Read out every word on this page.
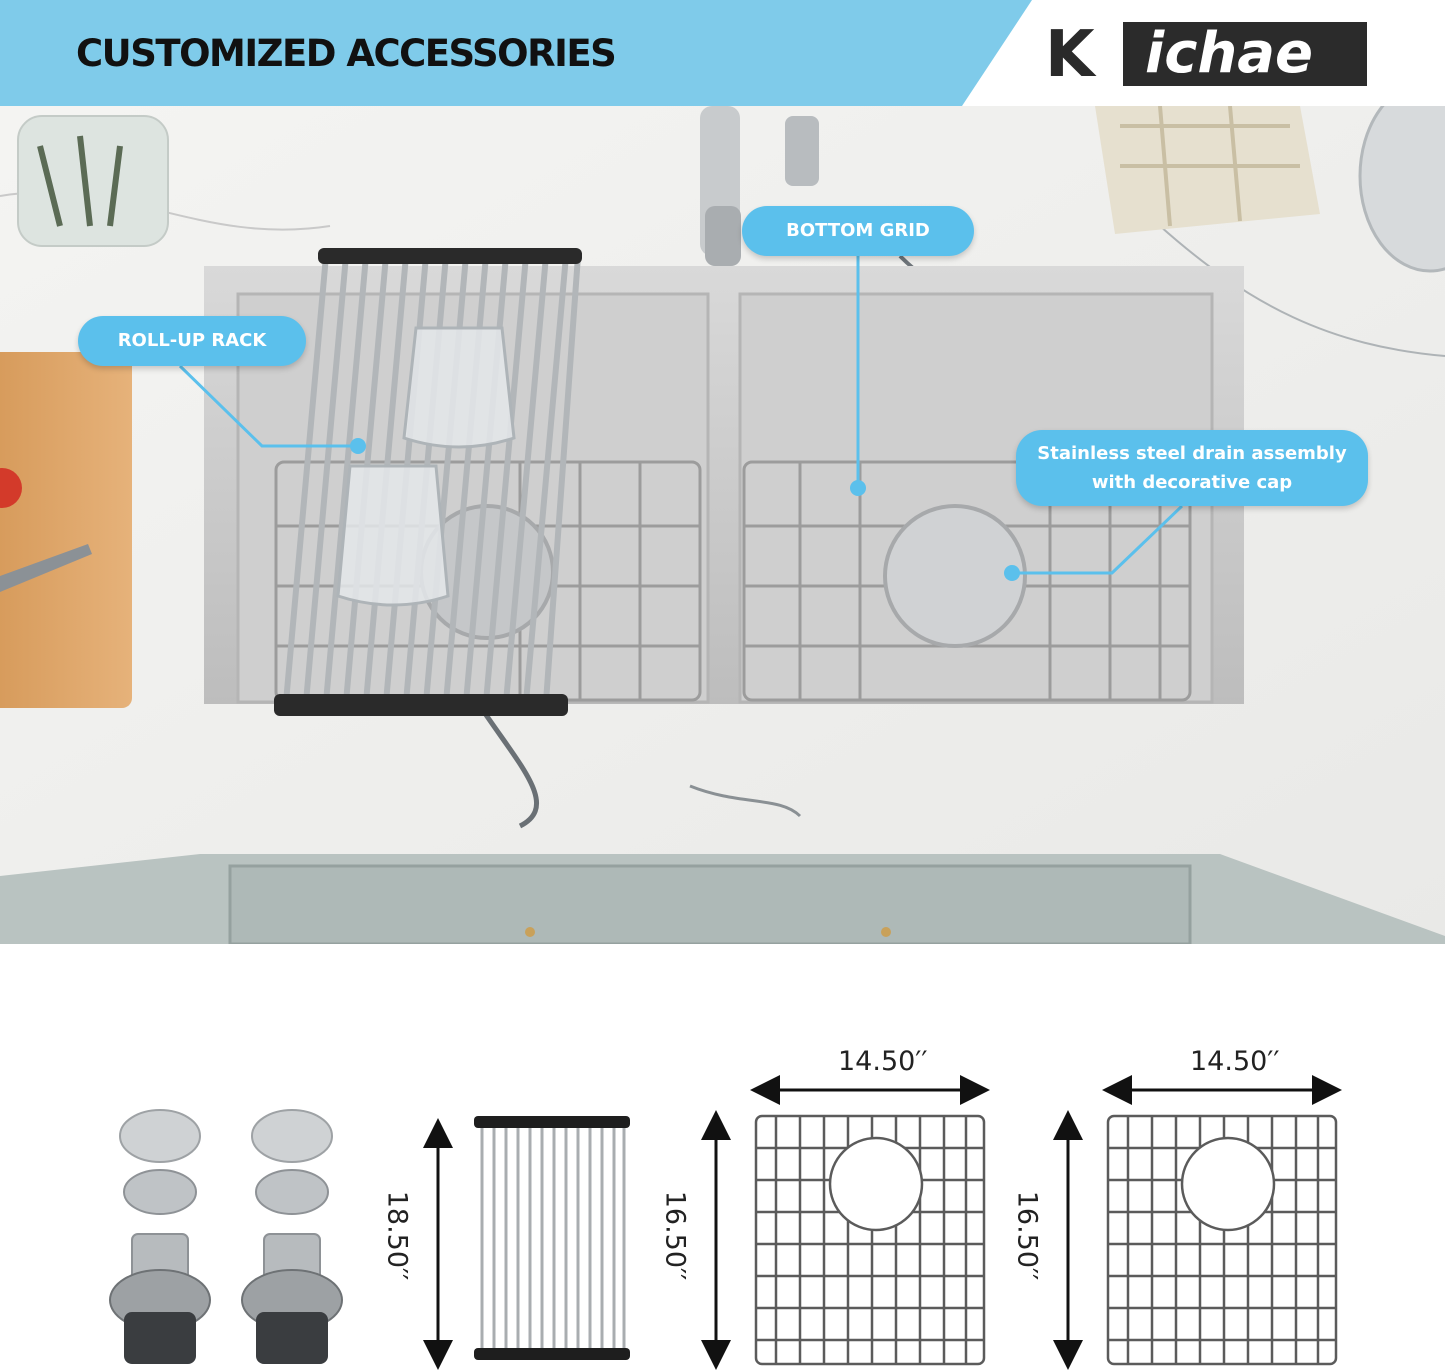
CUSTOMIZED ACCESSORIES	K ichae
ROLL-UP RACK
BOTTOM GRID
Stainless steel drain assembly
with decorative cap
18.50′′
14.50′′
16.50′′
14.50′′
16.50′′
